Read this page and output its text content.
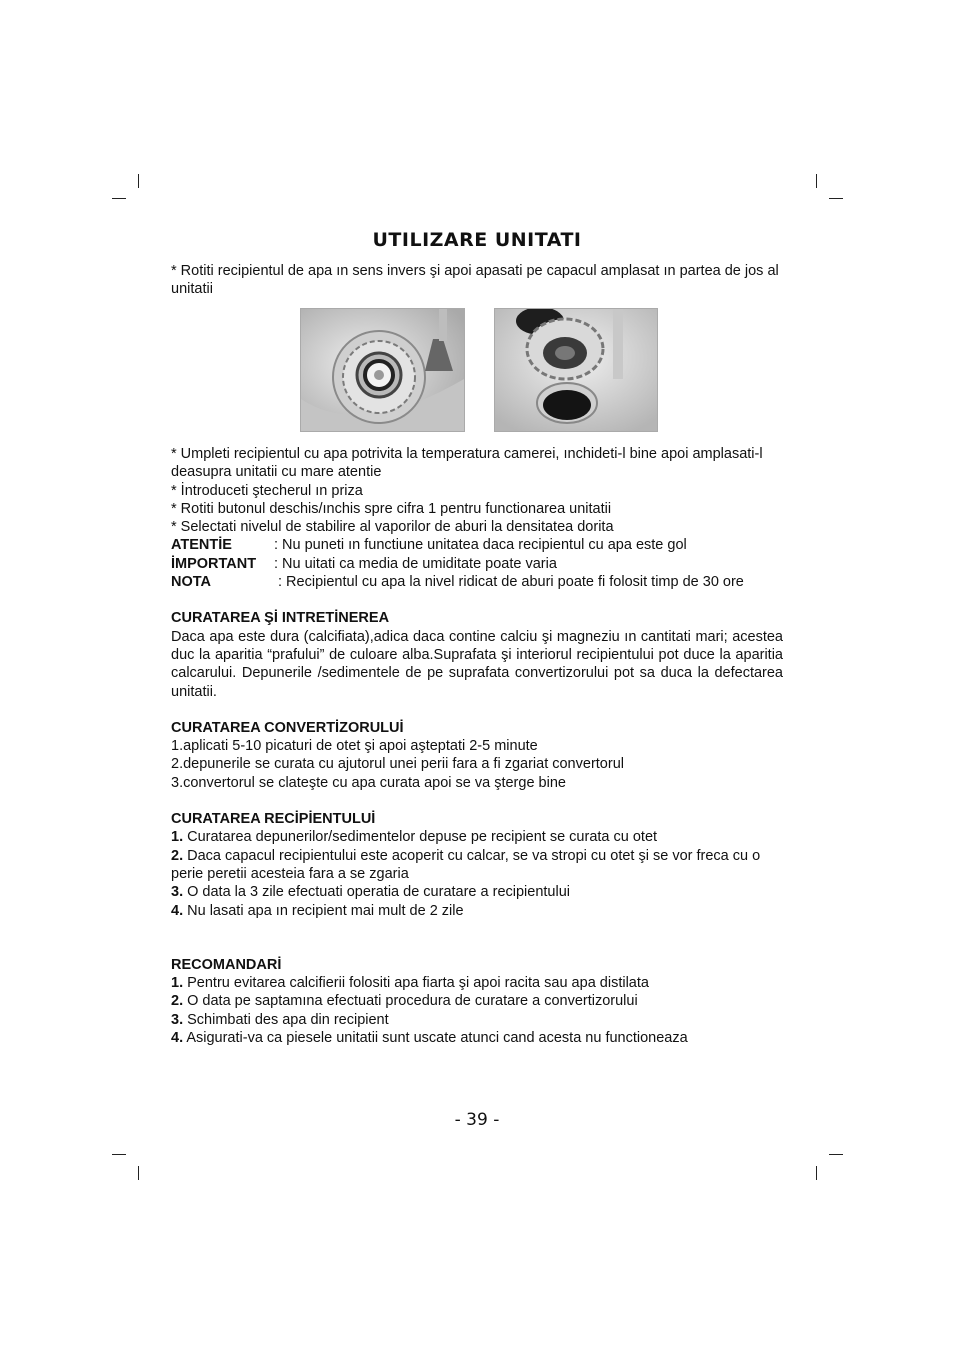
UTILIZARE UNITATI

* Rotiti recipientul de apa ın sens invers şi apoi apasati pe capacul amplasat ın partea de jos al unitatii

* Umpleti recipientul cu apa potrivita la temperatura camerei, ınchideti-l bine apoi amplasati-l deasupra unitatii cu mare atentie

* İntroduceti ştecherul ın priza

* Rotiti butonul deschis/ınchis spre cifra 1 pentru functionarea unitatii

* Selectati nivelul de stabilire al vaporilor de aburi la densitatea dorita

ATENTİE	: Nu puneti ın functiune unitatea daca recipientul cu apa este gol
İMPORTANT	: Nu uitati ca media de umiditate poate varia
NOTA	: Recipientul cu apa la nivel ridicat de aburi poate fi folosit timp de 30 ore

CURATAREA Şİ INTRETİNEREA

Daca apa este dura (calcifiata),adica daca contine calciu şi magneziu ın cantitati mari; acestea duc la aparitia “prafului” de culoare alba.Suprafata şi interiorul recipientului pot duce la aparitia calcarului. Depunerile /sedimentele de pe suprafata convertizorului pot sa duca la defectarea unitatii.

CURATAREA CONVERTİZORULUİ

1.aplicati 5-10 picaturi de otet şi apoi aşteptati 2-5 minute

2.depunerile se curata cu ajutorul unei perii fara a fi zgariat convertorul

3.convertorul se clateşte cu apa curata apoi se va şterge bine

CURATAREA RECİPİENTULUİ

1. Curatarea depunerilor/sedimentelor depuse pe recipient se curata cu otet

2. Daca capacul recipientului este acoperit cu calcar, se va stropi cu otet şi se vor freca cu o perie peretii acesteia fara a se zgaria

3. O data la 3 zile efectuati operatia de curatare a recipientului

4. Nu lasati apa ın recipient mai mult de 2 zile

RECOMANDARİ

1. Pentru evitarea calcifierii folositi apa fiarta şi apoi racita sau apa distilata

2. O data pe saptamına efectuati procedura de curatare a convertizorului

3. Schimbati des apa din recipient

4. Asigurati-va ca piesele unitatii sunt uscate atunci cand acesta nu functioneaza

- 39 -
